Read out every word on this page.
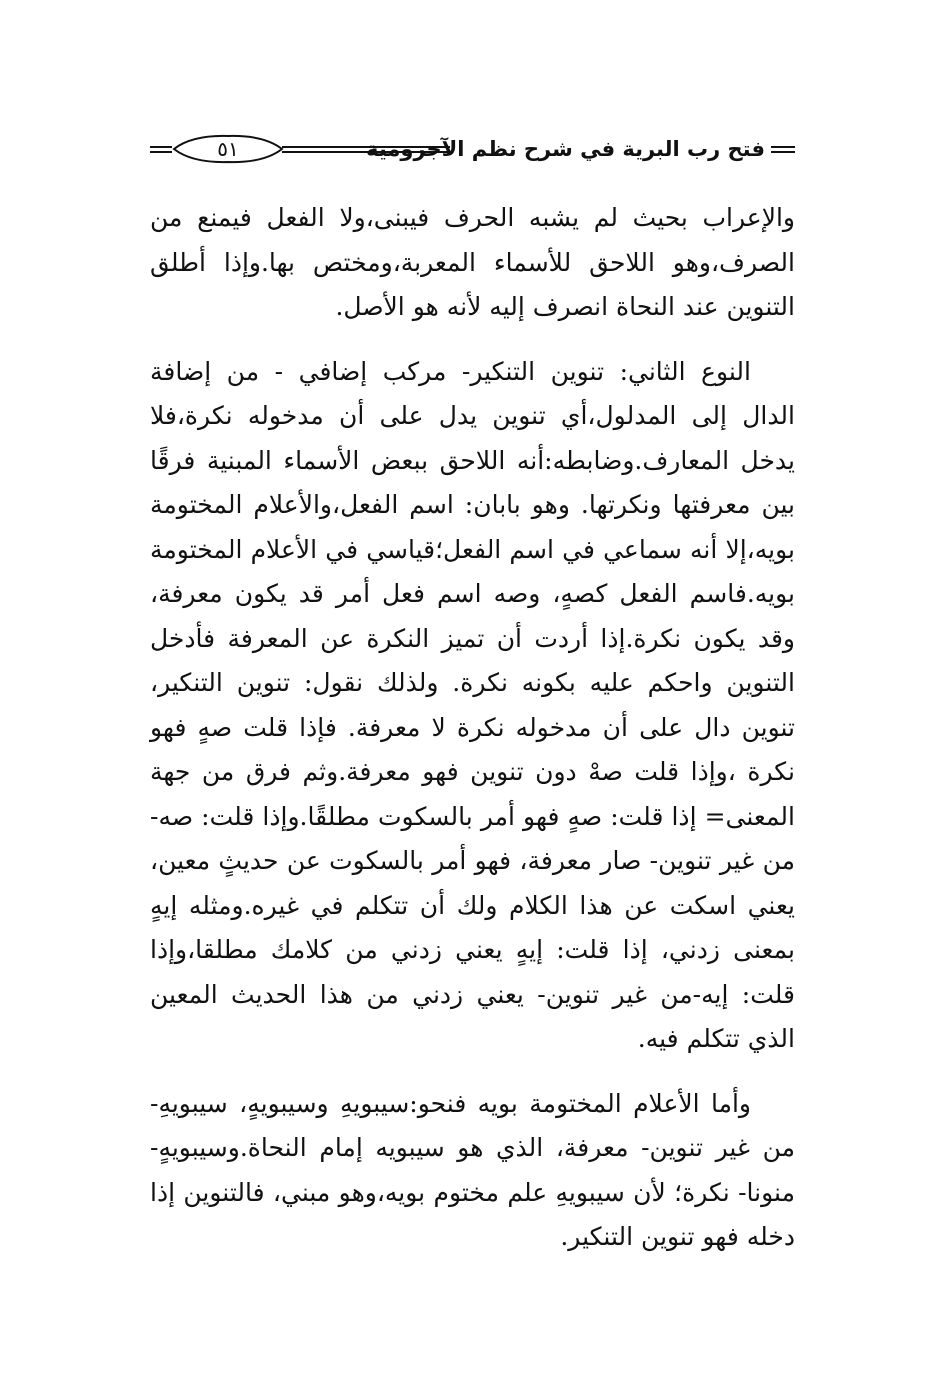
٥١	فتح رب البرية في شرح نظم الآجرومية

والإعراب بحيث لم يشبه الحرف فيبنى،ولا الفعل فيمنع من الصرف،وهو اللاحق للأسماء المعربة،ومختص بها.وإذا أطلق التنوين عند النحاة انصرف إليه لأنه هو الأصل.

النوع الثاني: تنوين التنكير- مركب إضافي - من إضافة الدال إلى المدلول،أي تنوين يدل على أن مدخوله نكرة،فلا يدخل المعارف.وضابطه:أنه اللاحق ببعض الأسماء المبنية فرقًا بين معرفتها ونكرتها. وهو بابان: اسم الفعل،والأعلام المختومة بويه،إلا أنه سماعي في اسم الفعل؛قياسي في الأعلام المختومة بويه.فاسم الفعل كصهٍ، وصه اسم فعل أمر قد يكون معرفة، وقد يكون نكرة.إذا أردت أن تميز النكرة عن المعرفة فأدخل التنوين واحكم عليه بكونه نكرة. ولذلك نقول: تنوين التنكير، تنوين دال على أن مدخوله نكرة لا معرفة. فإذا قلت صهٍ فهو نكرة ،وإذا قلت صهْ دون تنوين فهو معرفة.وثم فرق من جهة المعنى= إذا قلت: صهٍ فهو أمر بالسكوت مطلقًا.وإذا قلت: صه-من غير تنوين- صار معرفة، فهو أمر بالسكوت عن حديثٍ معين، يعني اسكت عن هذا الكلام ولك أن تتكلم في غيره.ومثله إيهٍ بمعنى زدني، إذا قلت: إيهٍ يعني زدني من كلامك مطلقا،وإذا قلت: إيه-من غير تنوين- يعني زدني من هذا الحديث المعين الذي تتكلم فيه.

وأما الأعلام المختومة بويه فنحو:سيبويهِ وسيبويهٍ، سيبويهِ-من غير تنوين- معرفة، الذي هو سيبويه إمام النحاة.وسيبويهٍ-منونا- نكرة؛ لأن سيبويهِ علم مختوم بويه،وهو مبني، فالتنوين إذا دخله فهو تنوين التنكير.
